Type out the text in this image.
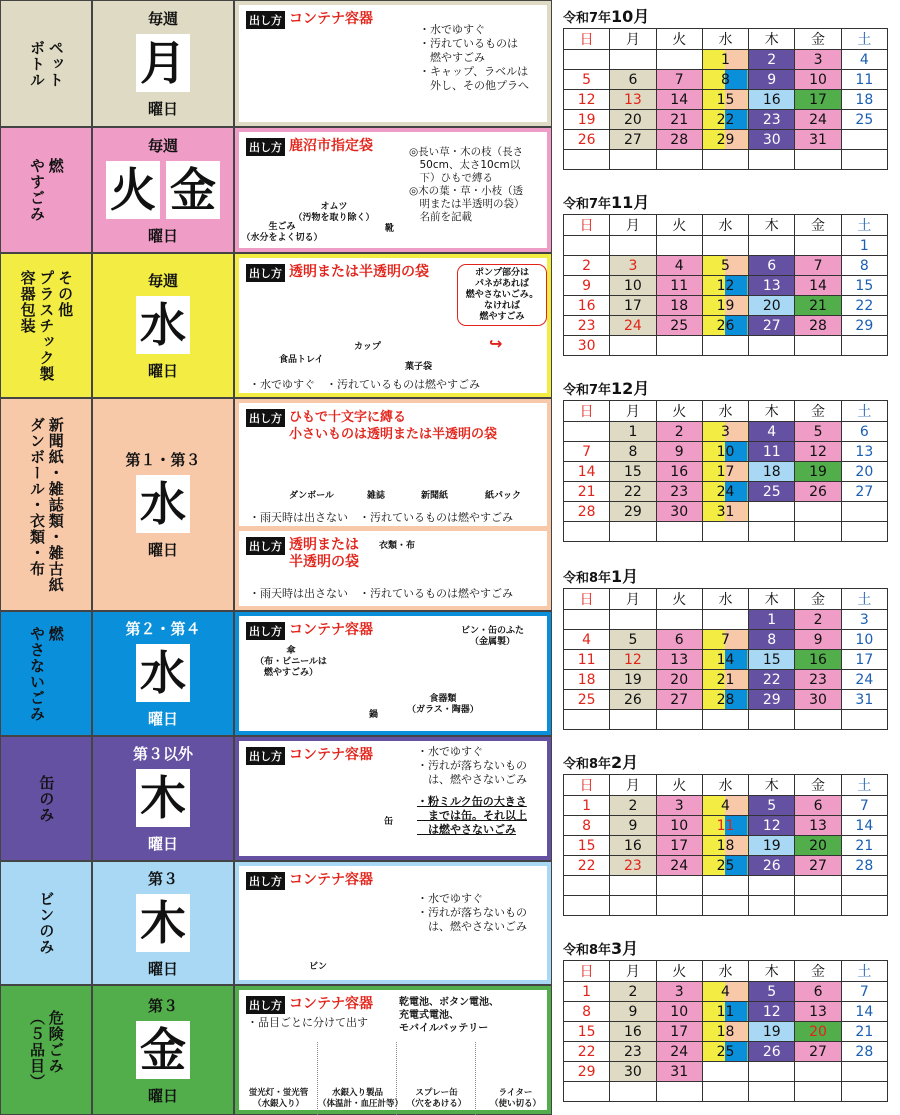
ペット
ボトル
毎週
月
曜日
出し方 コンテナ容器
・水でゆすぐ
・汚れているものは
　燃やすごみ
・キャップ、ラベルは
　外し、その他プラへ
燃
やすごみ
毎週
火 金
曜日
出し方 鹿沼市指定袋	◎長い草・木の枝（長さ
　50cm、太さ10cm以
　下）ひもで縛る
◎木の葉・草・小枝（透
　明または半透明の袋）
　名前を記載
オムツ
（汚物を取り除く）
生ごみ
（水分をよく切る）
靴
その他
プラスチック製
容器包装	毎週
水
曜日
出し方 透明または半透明の袋	ポンプ部分は
パネがあれば
燃やさないごみ。
なければ
燃やすごみ
↪
カップ
食品トレイ
菓子袋
・水でゆすぐ　・汚れているものは燃やすごみ
新聞紙・雑誌類・雑古紙
ダンボール・衣類・布	第１・第３
水
曜日
出し方 ひもで十文字に縛る
小さいものは透明または半透明の袋
ダンボール	雑誌	新聞紙	紙パック
・雨天時は出さない　・汚れているものは燃やすごみ
出し方 透明または
半透明の袋
衣類・布
・雨天時は出さない　・汚れているものは燃やすごみ
燃
やさないごみ	第２・第４
水
曜日
出し方 コンテナ容器	ビン・缶のふた
（金属製）
傘
（布・ビニールは
燃やすごみ）
食器類
（ガラス・陶器）
鍋
缶のみ
第３以外
木
曜日
出し方 コンテナ容器	・水でゆすぐ
・汚れが落ちないもの
　は、燃やさないごみ
・粉ミルク缶の大きさ
　までは缶。それ以上
　は燃やさないごみ
缶
ビンのみ
第３
木
曜日
出し方 コンテナ容器
・水でゆすぐ
・汚れが落ちないもの
　は、燃やさないごみ
ビン
危険ごみ
（５品目）
第３
金
曜日
出し方 コンテナ容器
・品目ごとに分けて出す
乾電池、ボタン電池、
充電式電池、
モバイルバッテリー
蛍光灯・蛍光管
（水銀入り）
水銀入り製品
（体温計・血圧計等）
スプレー缶
（穴をあける）
ライター
（使い切る）
令和7年10月
日	月	火	水	木	金	土
			1	2	3	4
5	6	7	8	9	10	11
12	13	14	15	16	17	18
19	20	21	22	23	24	25
26	27	28	29	30	31	

令和7年11月
日	月	火	水	木	金	土
						1
2	3	4	5	6	7	8
9	10	11	12	13	14	15
16	17	18	19	20	21	22
23	24	25	26	27	28	29
30						
令和7年12月
日	月	火	水	木	金	土
	1	2	3	4	5	6
7	8	9	10	11	12	13
14	15	16	17	18	19	20
21	22	23	24	25	26	27
28	29	30	31			

令和8年1月
日	月	火	水	木	金	土
				1	2	3
4	5	6	7	8	9	10
11	12	13	14	15	16	17
18	19	20	21	22	23	24
25	26	27	28	29	30	31

令和8年2月
日	月	火	水	木	金	土
1	2	3	4	5	6	7
8	9	10	11	12	13	14
15	16	17	18	19	20	21
22	23	24	25	26	27	28

令和8年3月
日	月	火	水	木	金	土
1	2	3	4	5	6	7
8	9	10	11	12	13	14
15	16	17	18	19	20	21
22	23	24	25	26	27	28
29	30	31				
